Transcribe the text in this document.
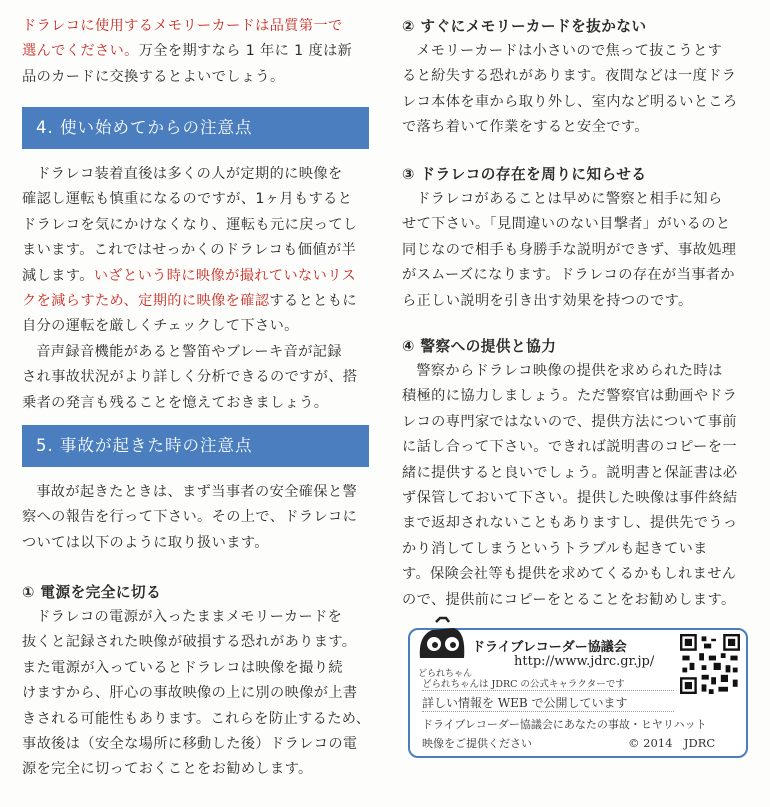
ドラレコに使用するメモリーカードは品質第一で

選んでください。万全を期すなら 1 年に 1 度は新

品のカードに交換するとよいでしょう。

4. 使い始めてからの注意点

ドラレコ装着直後は多くの人が定期的に映像を

確認し運転も慎重になるのですが、1ヶ月もすると

ドラレコを気にかけなくなり、運転も元に戻ってし

まいます。これではせっかくのドラレコも価値が半

減します。いざという時に映像が撮れていないリス

クを減らすため、定期的に映像を確認するとともに

自分の運転を厳しくチェックして下さい。

音声録音機能があると警笛やブレーキ音が記録

され事故状況がより詳しく分析できるのですが、搭

乗者の発言も残ることを憶えておきましょう。

5. 事故が起きた時の注意点

事故が起きたときは、まず当事者の安全確保と警

察への報告を行って下さい。その上で、ドラレコに

ついては以下のように取り扱います。

① 電源を完全に切る

ドラレコの電源が入ったままメモリーカードを

抜くと記録された映像が破損する恐れがあります。

また電源が入っているとドラレコは映像を撮り続

けますから、肝心の事故映像の上に別の映像が上書

きされる可能性もあります。これらを防止するため、

事故後は（安全な場所に移動した後）ドラレコの電

源を完全に切っておくことをお勧めします。

② すぐにメモリーカードを抜かない

メモリーカードは小さいので焦って抜こうとす

ると紛失する恐れがあります。夜間などは一度ドラ

レコ本体を車から取り外し、室内など明るいところ

で落ち着いて作業をすると安全です。

③ ドラレコの存在を周りに知らせる

ドラレコがあることは早めに警察と相手に知ら

せて下さい。「見間違いのない目撃者」がいるのと

同じなので相手も身勝手な説明ができず、事故処理

がスムーズになります。ドラレコの存在が当事者か

ら正しい説明を引き出す効果を持つのです。

④ 警察への提供と協力

警察からドラレコ映像の提供を求められた時は

積極的に協力しましょう。ただ警察官は動画やドラ

レコの専門家ではないので、提供方法について事前

に話し合って下さい。できれば説明書のコピーを一

緒に提供すると良いでしょう。説明書と保証書は必

ず保管しておいて下さい。提供した映像は事件終結

まで返却されないこともありますし、提供先でうっ

かり消してしまうというトラブルも起きていま

す。保険会社等も提供を求めてくるかもしれません

ので、提供前にコピーをとることをお勧めします。

どられちゃん
ドライブレコーダー協議会
http://www.jdrc.gr.jp/
どられちゃんは JDRC の公式キャラクターです
詳しい情報を WEB で公開しています
ドライブレコーダー協議会にあなたの事故・ヒヤリハット
映像をご提供ください	© 2014　JDRC
